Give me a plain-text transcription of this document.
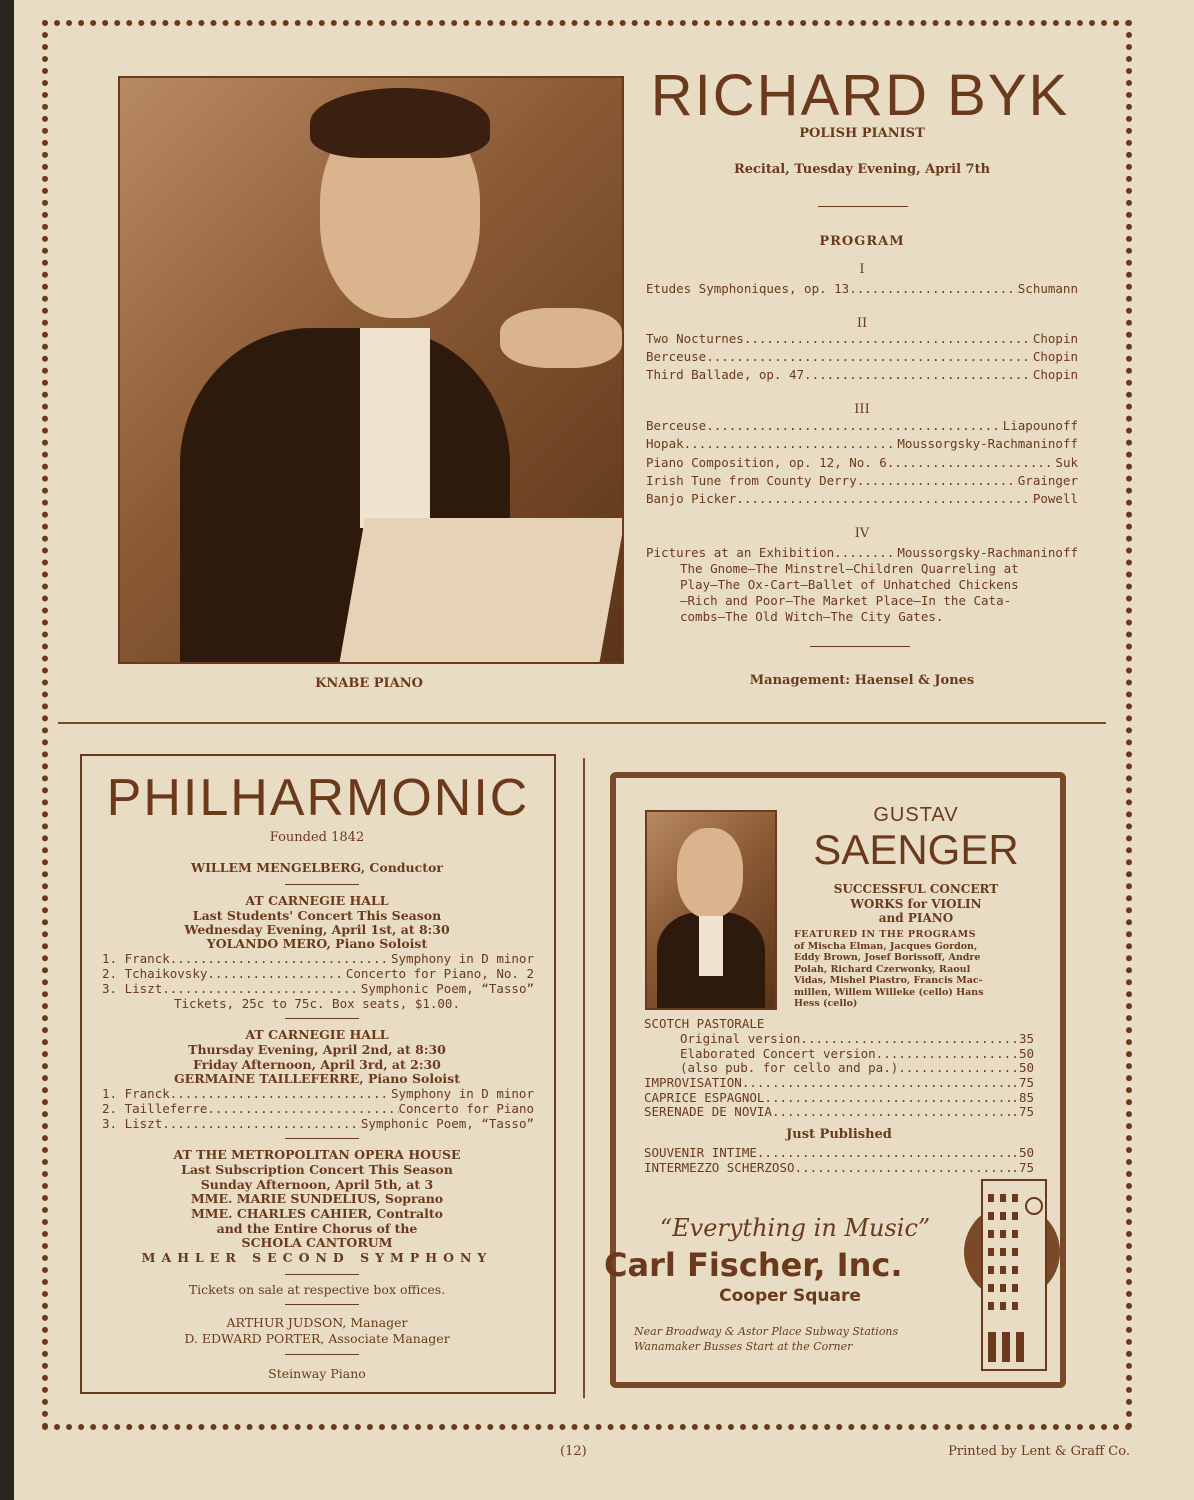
KNABE PIANO
RICHARD BYK
POLISH PIANIST
Recital, Tuesday Evening, April 7th
PROGRAM
I
Etudes Symphoniques, op. 13 .....	Schumann
II
Two Nocturnes .....	Chopin
Berceuse .....	Chopin
Third Ballade, op. 47 .....	Chopin
III
Berceuse .....	Liapounoff
Hopak .....	Moussorgsky-Rachmaninoff
Piano Composition, op. 12, No. 6 .....	Suk
Irish Tune from County Derry .....	Grainger
Banjo Picker .....	Powell
IV
Pictures at an Exhibition .....	Moussorgsky-Rachmaninoff
The Gnome—The Minstrel—Children Quarreling at
Play—The Ox-Cart—Ballet of Unhatched Chickens
—Rich and Poor—The Market Place—In the Cata-
combs—The Old Witch—The City Gates.
Management: Haensel & Jones
PHILHARMONIC
Founded 1842
WILLEM MENGELBERG, Conductor
AT CARNEGIE HALL
Last Students' Concert This Season
Wednesday Evening, April 1st, at 8:30
YOLANDO MERO, Piano Soloist
1. Franck .....	Symphony in D minor
2. Tchaikovsky .....	Concerto for Piano, No. 2
3. Liszt .....	Symphonic Poem, “Tasso”
Tickets, 25c to 75c. Box seats, $1.00.
AT CARNEGIE HALL
Thursday Evening, April 2nd, at 8:30
Friday Afternoon, April 3rd, at 2:30
GERMAINE TAILLEFERRE, Piano Soloist
1. Franck .....	Symphony in D minor
2. Tailleferre .....	Concerto for Piano
3. Liszt .....	Symphonic Poem, “Tasso”
AT THE METROPOLITAN OPERA HOUSE
Last Subscription Concert This Season
Sunday Afternoon, April 5th, at 3
MME. MARIE SUNDELIUS, Soprano
MME. CHARLES CAHIER, Contralto
and the Entire Chorus of the
SCHOLA CANTORUM
MAHLER SECOND SYMPHONY
Tickets on sale at respective box offices.
ARTHUR JUDSON, Manager
D. EDWARD PORTER, Associate Manager
Steinway Piano
GUSTAV
SAENGER
SUCCESSFUL CONCERT
WORKS for VIOLIN
and PIANO
FEATURED IN THE PROGRAMS
of Mischa Elman, Jacques Gordon,
Eddy Brown, Josef Borissoff, Andre
Polah, Richard Czerwonky, Raoul
Vidas, Mishel Piastro, Francis Mac-
millen, Willem Willeke (cello) Hans
Hess (cello)
SCOTCH PASTORALE
Original version .....	.35
Elaborated Concert version .....	.50
(also pub. for cello and pa.) .....	.50
IMPROVISATION .....	.75
CAPRICE ESPAGNOL .....	.85
SERENADE DE NOVIA .....	.75
Just Published
SOUVENIR INTIME .....	.50
INTERMEZZO SCHERZOSO .....	.75
“Everything in Music”
Carl Fischer, Inc.
Cooper Square
Near Broadway & Astor Place Subway Stations
Wanamaker Busses Start at the Corner
(12)	Printed by Lent & Graff Co.
